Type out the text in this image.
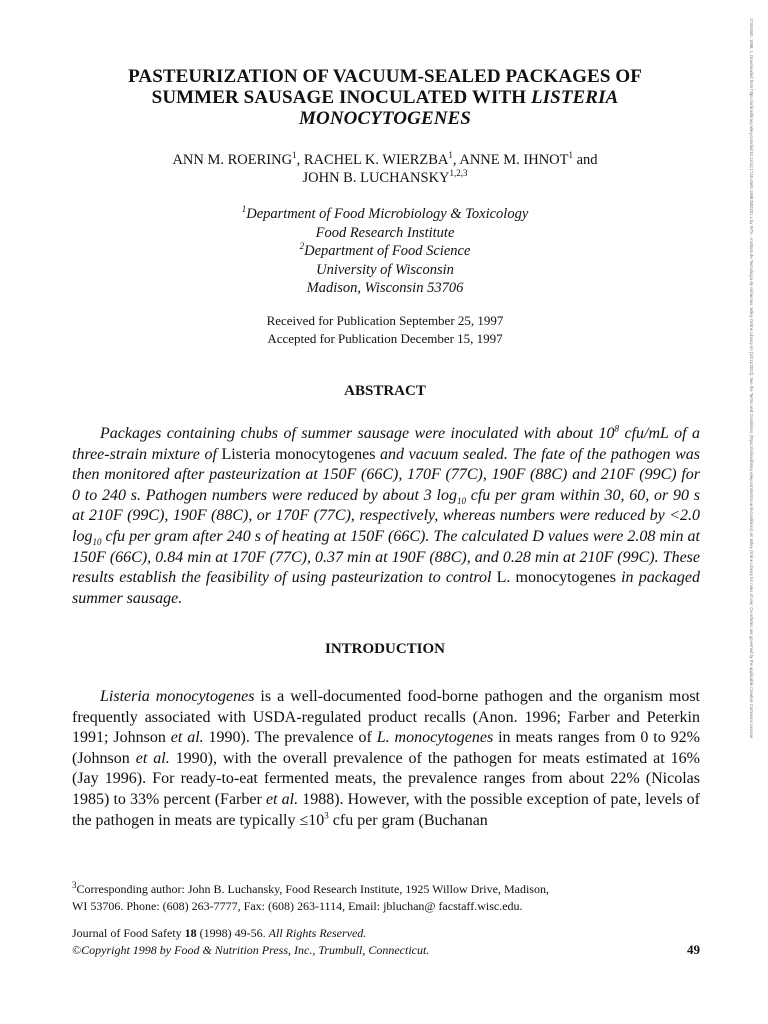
PASTEURIZATION OF VACUUM-SEALED PACKAGES OF
SUMMER SAUSAGE INOCULATED WITH LISTERIA
MONOCYTOGENES
ANN M. ROERING$^1$, RACHEL K. WIERZBA$^1$, ANNE M. IHNOT$^1$ and
JOHN B. LUCHANSKY$^{1,2,3}$
$^1$Department of Food Microbiology & Toxicology
Food Research Institute
$^2$Department of Food Science
University of Wisconsin
Madison, Wisconsin 53706
Received for Publication September 25, 1997
Accepted for Publication December 15, 1997
ABSTRACT
Packages containing chubs of summer sausage were inoculated with about $10^8$ cfu/mL of a three-strain mixture of Listeria monocytogenes and vacuum sealed. The fate of the pathogen was then monitored after pasteurization at 150F (66C), 170F (77C), 190F (88C) and 210F (99C) for 0 to 240 s. Pathogen numbers were reduced by about 3 $\log_{10}$ cfu per gram within 30, 60, or 90 s at 210F (99C), 190F (88C), or 170F (77C), respectively, whereas numbers were reduced by <2.0 $\log_{10}$ cfu per gram after 240 s of heating at 150F (66C). The calculated D values were 2.08 min at 150F (66C), 0.84 min at 170F (77C), 0.37 min at 190F (88C), and 0.28 min at 210F (99C). These results establish the feasibility of using pasteurization to control L. monocytogenes in packaged summer sausage.
INTRODUCTION
Listeria monocytogenes is a well-documented food-borne pathogen and the organism most frequently associated with USDA-regulated product recalls (Anon. 1996; Farber and Peterkin 1991; Johnson et al. 1990). The prevalence of L. monocytogenes in meats ranges from 0 to 92% (Johnson et al. 1990), with the overall prevalence of the pathogen for meats estimated at 16% (Jay 1996). For ready-to-eat fermented meats, the prevalence ranges from about 22% (Nicolas 1985) to 33% percent (Farber et al. 1988). However, with the possible exception of pate, levels of the pathogen in meats are typically $\le 10^3$ cfu per gram (Buchanan
$^3$Corresponding author: John B. Luchansky, Food Research Institute, 1925 Willow Drive, Madison,
WI 53706. Phone: (608) 263-7777, Fax: (608) 263-1114, Email: jbluchan@ facstaff.wisc.edu.
Journal of Food Safety 18 (1998) 49-56. All Rights Reserved.
©Copyright 1998 by Food & Nutrition Press, Inc., Trumbull, Connecticut.	49
17454565, 1998, 1, Downloaded from https://onlinelibrary.wiley.com/doi/10.1111/j.1745-4565.1998.tb00201.x by INTA - Instituto de Tecnología de Alimentos, Wiley Online Library on [10/11/2022]. See the Terms and Conditions (https://onlinelibrary.wiley.com/terms-and-conditions) on Wiley Online Library for rules of use; OA articles are governed by the applicable Creative Commons License
